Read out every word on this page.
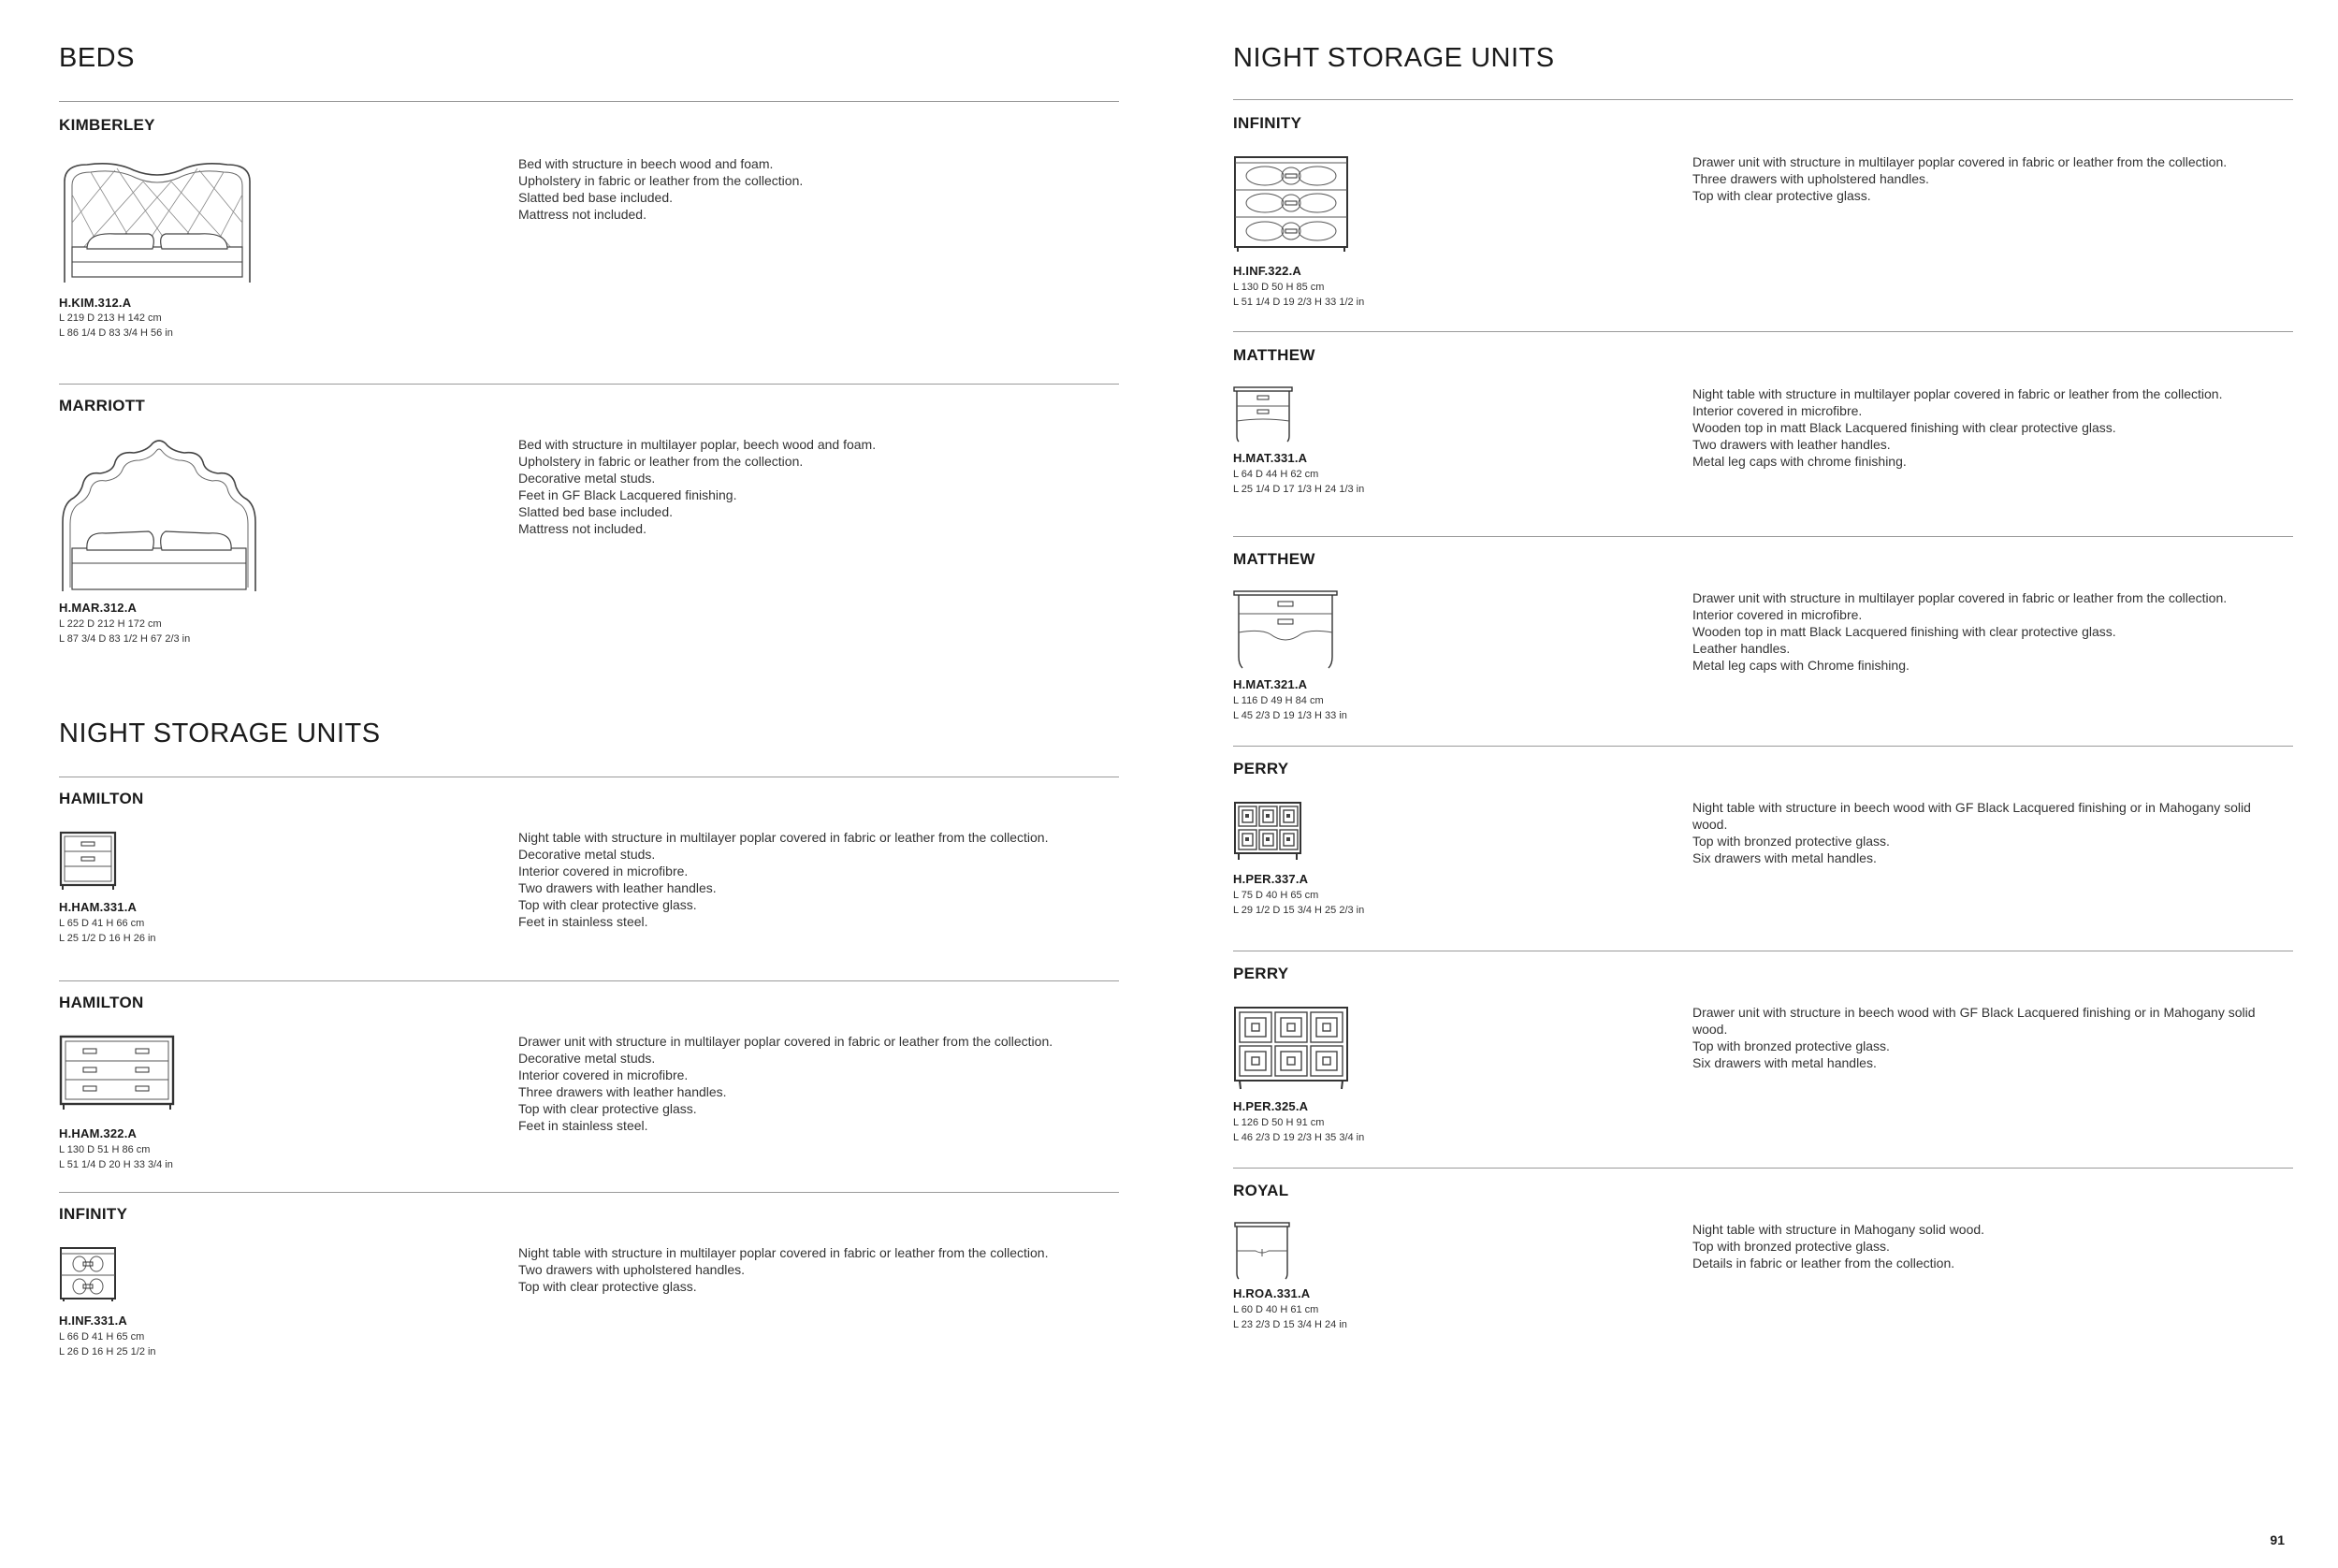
BEDS
KIMBERLEY
H.KIM.312.A
L 219 D 213 H 142 cm
L 86 1/4 D 83 3/4 H 56 in
Bed with structure in beech wood and foam.
Upholstery in fabric or leather from the collection.
Slatted bed base included.
Mattress not included.
MARRIOTT
H.MAR.312.A
L 222 D 212 H 172 cm
L 87 3/4 D 83 1/2 H 67 2/3 in
Bed with structure in multilayer poplar, beech wood and foam.
Upholstery in fabric or leather from the collection.
Decorative metal studs.
Feet in GF Black Lacquered finishing.
Slatted bed base included.
Mattress not included.
NIGHT STORAGE UNITS
HAMILTON
H.HAM.331.A
L 65 D 41 H 66 cm
L 25 1/2 D 16 H 26 in
Night table with structure in multilayer poplar covered in fabric or leather from the collection.
Decorative metal studs.
Interior covered in microfibre.
Two drawers with leather handles.
Top with clear protective glass.
Feet in stainless steel.
HAMILTON
H.HAM.322.A
L 130 D 51 H 86 cm
L 51 1/4 D 20 H 33 3/4 in
Drawer unit with structure in multilayer poplar covered in fabric or leather from the collection.
Decorative metal studs.
Interior covered in microfibre.
Three drawers with leather handles.
Top with clear protective glass.
Feet in stainless steel.
INFINITY
H.INF.331.A
L 66 D 41 H 65 cm
L 26 D 16 H 25 1/2 in
Night table with structure in multilayer poplar covered in fabric or leather from the collection.
Two drawers with upholstered handles.
Top with clear protective glass.
NIGHT STORAGE UNITS
INFINITY
H.INF.322.A
L 130 D 50 H 85 cm
L 51 1/4 D 19 2/3 H 33 1/2 in
Drawer unit with structure in multilayer poplar covered in fabric or leather from the collection.
Three drawers with upholstered handles.
Top with clear protective glass.
MATTHEW
H.MAT.331.A
L 64 D 44 H 62 cm
L 25 1/4 D 17 1/3 H 24 1/3 in
Night table with structure in multilayer poplar covered in fabric or leather from the collection.
Interior covered in microfibre.
Wooden top in matt Black Lacquered finishing with clear protective glass.
Two drawers with leather handles.
Metal leg caps with chrome finishing.
MATTHEW
H.MAT.321.A
L 116 D 49 H 84 cm
L 45 2/3 D 19 1/3 H 33 in
Drawer unit with structure in multilayer poplar covered in fabric or leather from the collection.
Interior covered in microfibre.
Wooden top in matt Black Lacquered finishing with clear protective glass.
Leather handles.
Metal leg caps with Chrome finishing.
PERRY
H.PER.337.A
L 75 D 40 H 65 cm
L 29 1/2 D 15 3/4 H 25 2/3 in
Night table with structure in beech wood with GF Black Lacquered finishing or in Mahogany solid wood.
Top with bronzed protective glass.
Six drawers with metal handles.
PERRY
H.PER.325.A
L 126 D 50 H 91 cm
L 46 2/3 D 19 2/3 H 35 3/4 in
Drawer unit with structure in beech wood with GF Black Lacquered finishing or in Mahogany solid wood.
Top with bronzed protective glass.
Six drawers with metal handles.
ROYAL
H.ROA.331.A
L 60 D 40 H 61 cm
L 23 2/3 D 15 3/4 H 24 in
Night table with structure in Mahogany solid wood.
Top with bronzed protective glass.
Details in fabric or leather from the collection.
91
